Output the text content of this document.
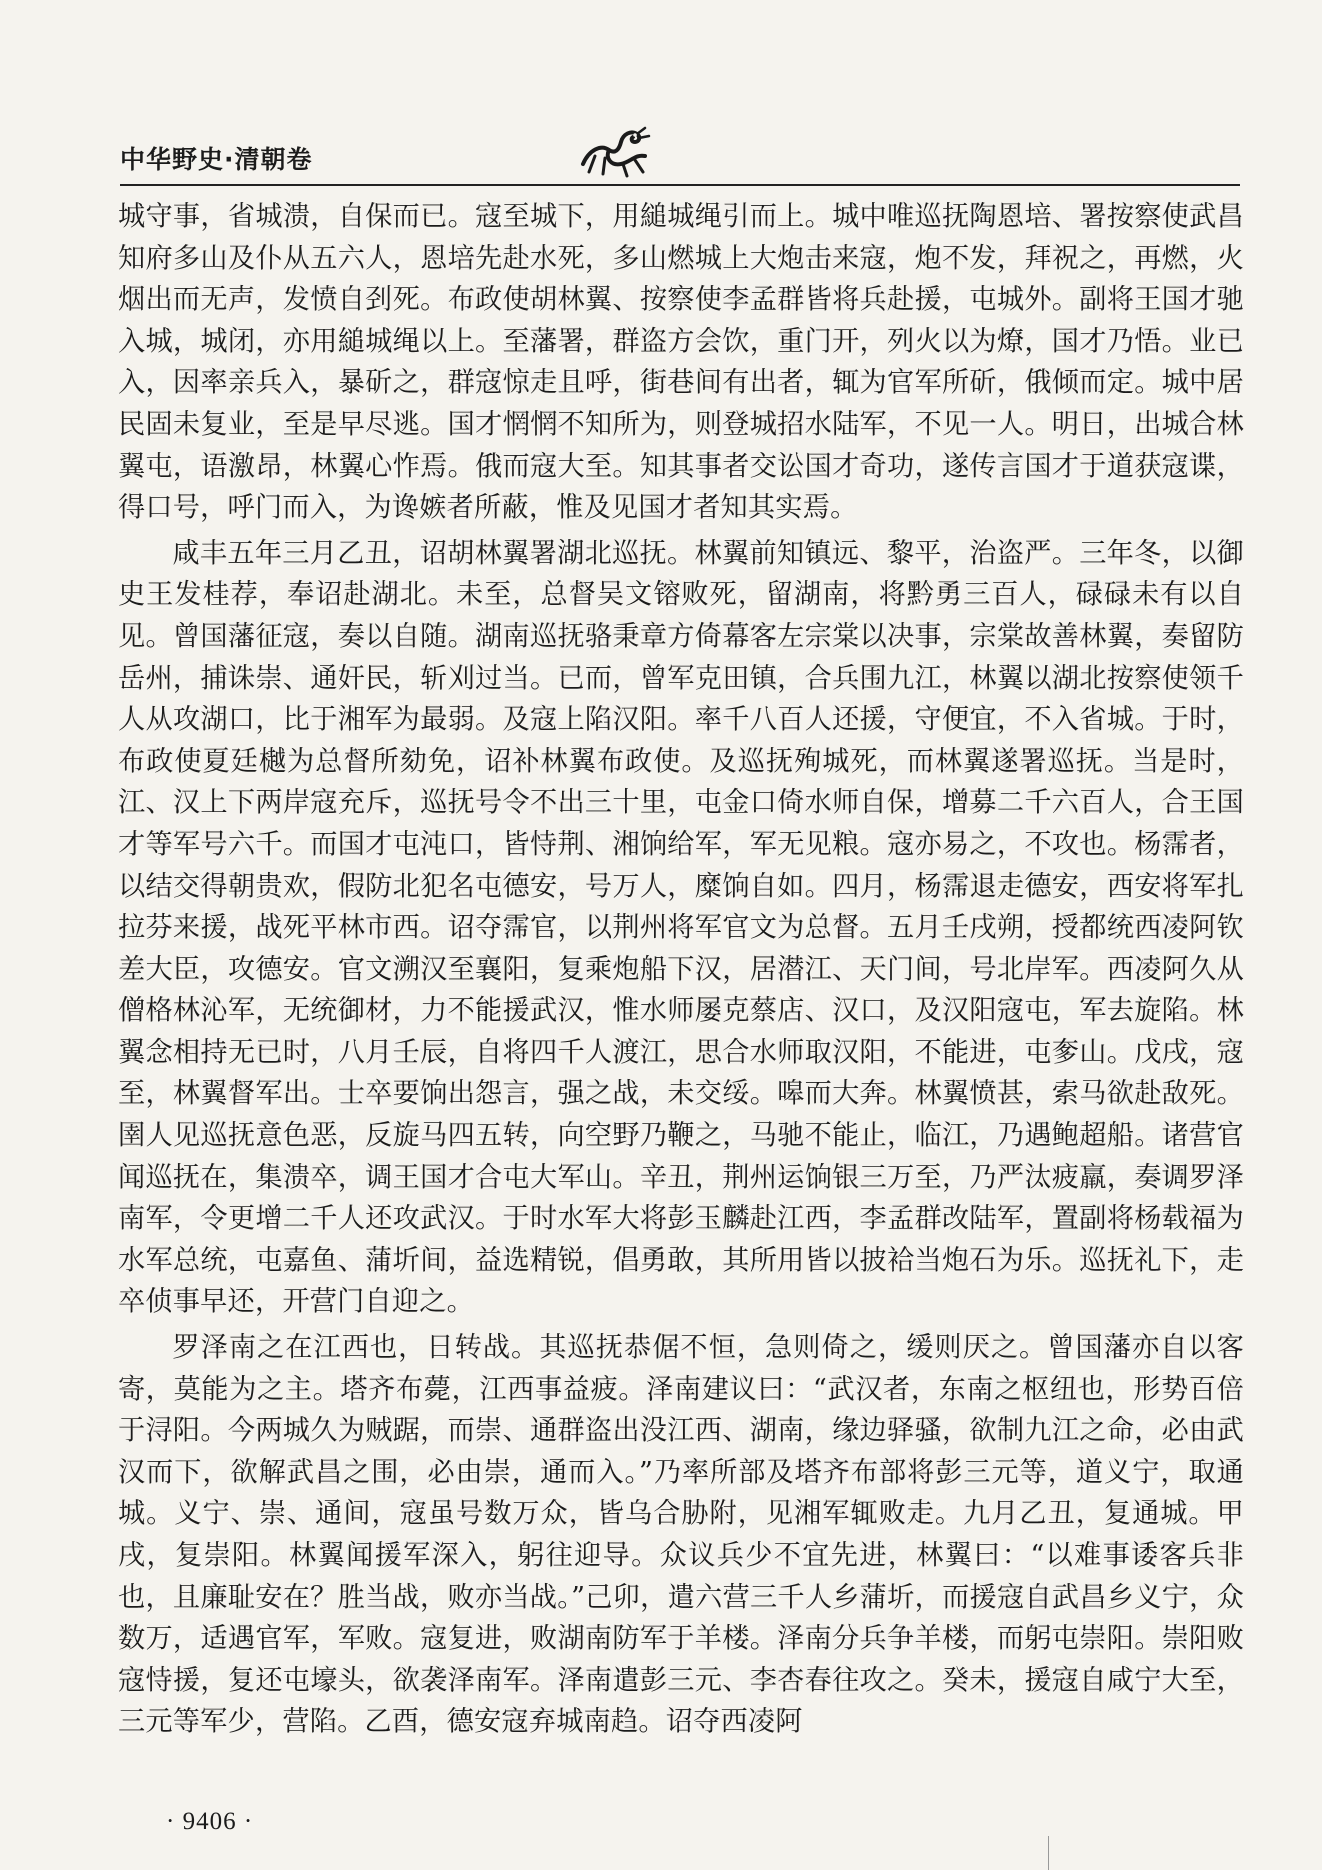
中华野史·清朝卷

城守事，省城溃，自保而已。寇至城下，用縋城绳引而上。城中唯巡抚陶恩培、署按察使武昌知府多山及仆从五六人，恩培先赴水死，多山燃城上大炮击来寇，炮不发，拜祝之，再燃，火烟出而无声，发愤自刭死。布政使胡林翼、按察使李孟群皆将兵赴援，屯城外。副将王国才驰入城，城闭，亦用縋城绳以上。至藩署，群盗方会饮，重门开，列火以为燎，国才乃悟。业已入，因率亲兵入，暴斫之，群寇惊走且呼，街巷间有出者，辄为官军所斫，俄倾而定。城中居民固未复业，至是早尽逃。国才惘惘不知所为，则登城招水陆军，不见一人。明日，出城合林翼屯，语激昂，林翼心怍焉。俄而寇大至。知其事者交讼国才奇功，遂传言国才于道获寇谍，得口号，呼门而入，为谗嫉者所蔽，惟及见国才者知其实焉。

咸丰五年三月乙丑，诏胡林翼署湖北巡抚。林翼前知镇远、黎平，治盗严。三年冬，以御史王发桂荐，奉诏赴湖北。未至，总督吴文镕败死，留湖南，将黔勇三百人，碌碌未有以自见。曾国藩征寇，奏以自随。湖南巡抚骆秉章方倚幕客左宗棠以决事，宗棠故善林翼，奏留防岳州，捕诛崇、通奸民，斩刈过当。已而，曾军克田镇，合兵围九江，林翼以湖北按察使领千人从攻湖口，比于湘军为最弱。及寇上陷汉阳。率千八百人还援，守便宜，不入省城。于时，布政使夏廷樾为总督所劾免，诏补林翼布政使。及巡抚殉城死，而林翼遂署巡抚。当是时，江、汉上下两岸寇充斥，巡抚号令不出三十里，屯金口倚水师自保，增募二千六百人，合王国才等军号六千。而国才屯沌口，皆恃荆、湘饷给军，军无见粮。寇亦易之，不攻也。杨霈者，以结交得朝贵欢，假防北犯名屯德安，号万人，糜饷自如。四月，杨霈退走德安，西安将军扎拉芬来援，战死平林市西。诏夺霈官，以荆州将军官文为总督。五月壬戌朔，授都统西凌阿钦差大臣，攻德安。官文溯汉至襄阳，复乘炮船下汉，居潜江、天门间，号北岸军。西凌阿久从僧格林沁军，无统御材，力不能援武汉，惟水师屡克蔡店、汉口，及汉阳寇屯，军去旋陷。林翼念相持无已时，八月壬辰，自将四千人渡江，思合水师取汉阳，不能进，屯奓山。戊戌，寇至，林翼督军出。士卒要饷出怨言，强之战，未交绥。嗥而大奔。林翼愤甚，索马欲赴敌死。圉人见巡抚意色恶，反旋马四五转，向空野乃鞭之，马驰不能止，临江，乃遇鲍超船。诸营官闻巡抚在，集溃卒，调王国才合屯大军山。辛丑，荆州运饷银三万至，乃严汰疲羸，奏调罗泽南军，令更增二千人还攻武汉。于时水军大将彭玉麟赴江西，李孟群改陆军，置副将杨载福为水军总统，屯嘉鱼、蒲圻间，益选精锐，倡勇敢，其所用皆以披袷当炮石为乐。巡抚礼下，走卒侦事早还，开营门自迎之。

罗泽南之在江西也，日转战。其巡抚恭倨不恒，急则倚之，缓则厌之。曾国藩亦自以客寄，莫能为之主。塔齐布薨，江西事益疲。泽南建议曰：“武汉者，东南之枢纽也，形势百倍于浔阳。今两城久为贼踞，而崇、通群盗出没江西、湖南，缘边驿骚，欲制九江之命，必由武汉而下，欲解武昌之围，必由崇，通而入。”乃率所部及塔齐布部将彭三元等，道义宁，取通城。义宁、崇、通间，寇虽号数万众，皆乌合胁附，见湘军辄败走。九月乙丑，复通城。甲戌，复崇阳。林翼闻援军深入，躬往迎导。众议兵少不宜先进，林翼曰：“以难事诿客兵非也，且廉耻安在？胜当战，败亦当战。”己卯，遣六营三千人乡蒲圻，而援寇自武昌乡义宁，众数万，适遇官军，军败。寇复进，败湖南防军于羊楼。泽南分兵争羊楼，而躬屯崇阳。崇阳败寇恃援，复还屯壕头，欲袭泽南军。泽南遣彭三元、李杏春往攻之。癸未，援寇自咸宁大至，三元等军少，营陷。乙酉，德安寇弃城南趋。诏夺西凌阿

· 9406 ·
